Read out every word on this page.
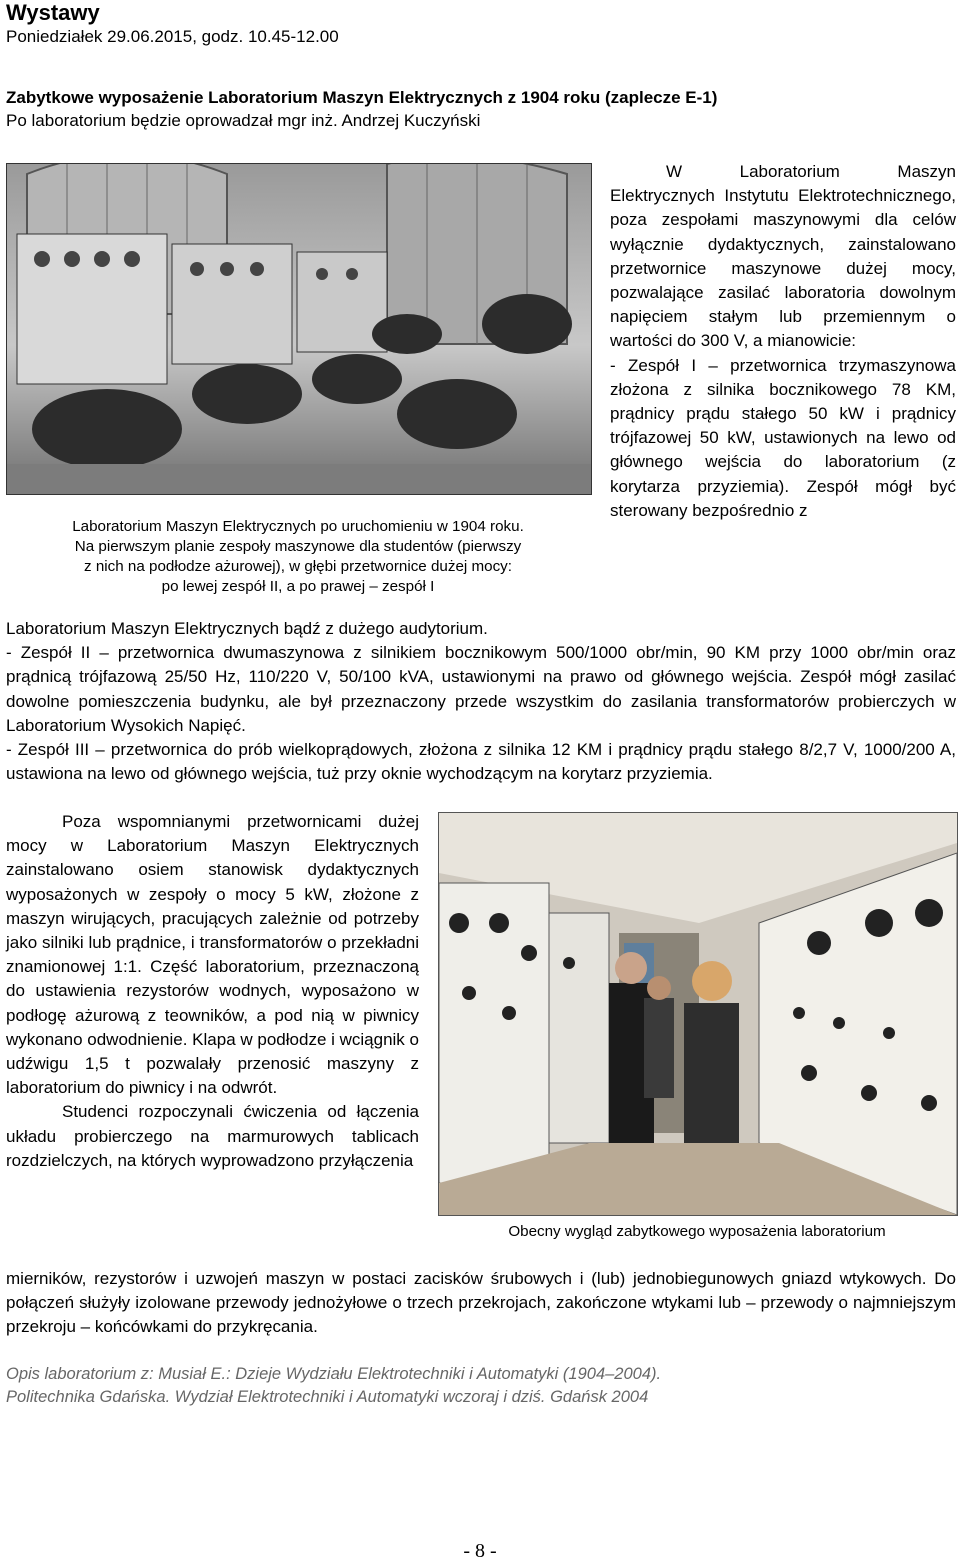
Wystawy
Poniedziałek 29.06.2015, godz. 10.45-12.00
Zabytkowe wyposażenie Laboratorium Maszyn Elektrycznych z 1904 roku (zaplecze E-1)
Po laboratorium będzie oprowadzał mgr inż. Andrzej Kuczyński
Laboratorium Maszyn Elektrycznych po uruchomieniu w 1904 roku.
Na pierwszym planie zespoły maszynowe dla studentów (pierwszy
z nich na podłodze ażurowej), w głębi przetwornice dużej mocy:
po lewej zespół II, a po prawej – zespół I

W Laboratorium Maszyn Elektrycznych Instytutu Elektrotechnicznego, poza zespołami maszynowymi dla celów wyłącznie dydaktycznych, zainstalowano przetwornice maszynowe dużej mocy, pozwalające zasilać laboratoria dowolnym napięciem stałym lub przemiennym o wartości do 300 V, a mianowicie:

- Zespół I – przetwornica trzymaszynowa złożona z silnika bocznikowego 78 KM, prądnicy prądu stałego 50 kW i prądnicy trójfazowej 50 kW, ustawionych na lewo od głównego wejścia do laboratorium (z korytarza przyziemia). Zespół mógł być sterowany bezpośrednio z

Laboratorium Maszyn Elektrycznych bądź z dużego audytorium.

- Zespół II – przetwornica dwumaszynowa z silnikiem bocznikowym 500/1000 obr/min, 90 KM przy 1000 obr/min oraz prądnicą trójfazową 25/50 Hz, 110/220 V, 50/100 kVA, ustawionymi na prawo od głównego wejścia. Zespół mógł zasilać dowolne pomieszczenia budynku, ale był przeznaczony przede wszystkim do zasilania transformatorów probierczych w Laboratorium Wysokich Napięć.

- Zespół III – przetwornica do prób wielkoprądowych, złożona z silnika 12 KM i prądnicy prądu stałego 8/2,7 V, 1000/200 A, ustawiona na lewo od głównego wejścia, tuż przy oknie wychodzącym na korytarz przyziemia.

Poza wspomnianymi przetwornicami dużej mocy w Laboratorium Maszyn Elektrycznych zainstalowano osiem stanowisk dydaktycznych wyposażonych w zespoły o mocy 5 kW, złożone z maszyn wirujących, pracujących zależnie od potrzeby jako silniki lub prądnice, i transformatorów o przekładni znamionowej 1:1. Część laboratorium, przeznaczoną do ustawienia rezystorów wodnych, wyposażono w podłogę ażurową z teowników, a pod nią w piwnicy wykonano odwodnienie. Klapa w podłodze i wciągnik o udźwigu 1,5 t pozwalały przenosić maszyny z laboratorium do piwnicy i na odwrót.

Studenci rozpoczynali ćwiczenia od łączenia układu probierczego na marmurowych tablicach rozdzielczych, na których wyprowadzono przyłączenia

Obecny wygląd zabytkowego wyposażenia laboratorium

mierników, rezystorów i uzwojeń maszyn w postaci zacisków śrubowych i (lub) jednobiegunowych gniazd wtykowych. Do połączeń służyły izolowane przewody jednożyłowe o trzech przekrojach, zakończone wtykami lub – przewody o najmniejszym przekroju – końcówkami do przykręcania.

Opis laboratorium z: Musiał E.: Dzieje Wydziału Elektrotechniki i Automatyki (1904–2004).
Politechnika Gdańska. Wydział Elektrotechniki i Automatyki wczoraj i dziś. Gdańsk 2004
- 8 -
